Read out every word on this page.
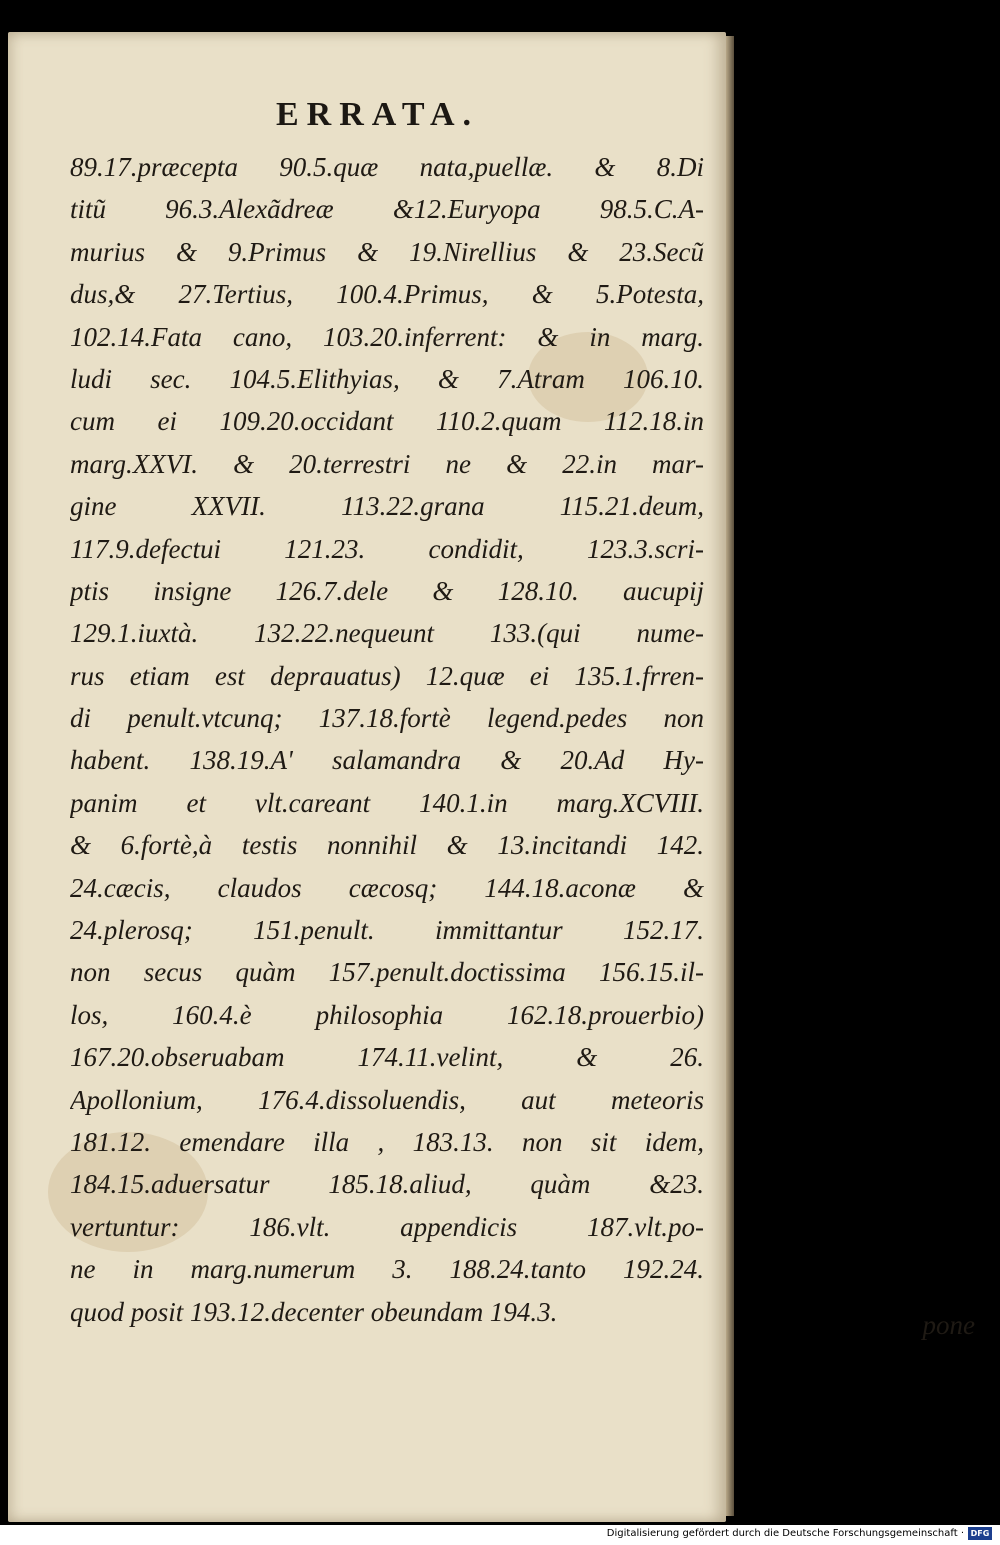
ERRATA.
89.17.præcepta 90.5.quæ nata,puellæ. & 8.Di
titũ 96.3.Alexãdreæ &12.Euryopa 98.5.C.A-
murius & 9.Primus & 19.Nirellius & 23.Secũ
dus,& 27.Tertius, 100.4.Primus, & 5.Potesta,
102.14.Fata cano, 103.20.inferrent: & in marg.
ludi sec. 104.5.Elithyias, & 7.Atram 106.10.
cum ei 109.20.occidant 110.2.quam 112.18.in
marg.XXVI. & 20.terrestri ne & 22.in mar-
gine XXVII. 113.22.grana 115.21.deum,
117.9.defectui 121.23. condidit, 123.3.scri-
ptis insigne 126.7.dele & 128.10. aucupij
129.1.iuxtà. 132.22.nequeunt 133.(qui nume-
rus etiam est deprauatus) 12.quæ ei 135.1.frren-
di penult.vtcunq; 137.18.fortè legend.pedes non
habent. 138.19.A' salamandra & 20.Ad Hy-
panim et vlt.careant 140.1.in marg.XCVIII.
& 6.fortè,à testis nonnihil & 13.incitandi 142.
24.cæcis, claudos cæcosq; 144.18.aconæ &
24.plerosq; 151.penult. immittantur 152.17.
non secus quàm 157.penult.doctissima 156.15.il-
los, 160.4.è philosophia 162.18.prouerbio)
167.20.obseruabam 174.11.velint, & 26.
Apollonium, 176.4.dissoluendis, aut meteoris
181.12. emendare illa , 183.13. non sit idem,
184.15.aduersatur 185.18.aliud, quàm &23.
vertuntur: 186.vlt. appendicis 187.vlt.po-
ne in marg.numerum 3. 188.24.tanto 192.24.
quod posit 193.12.decenter obeundam 194.3.	pone
Digitalisierung gefördert durch die Deutsche Forschungsgemeinschaft · DFG
